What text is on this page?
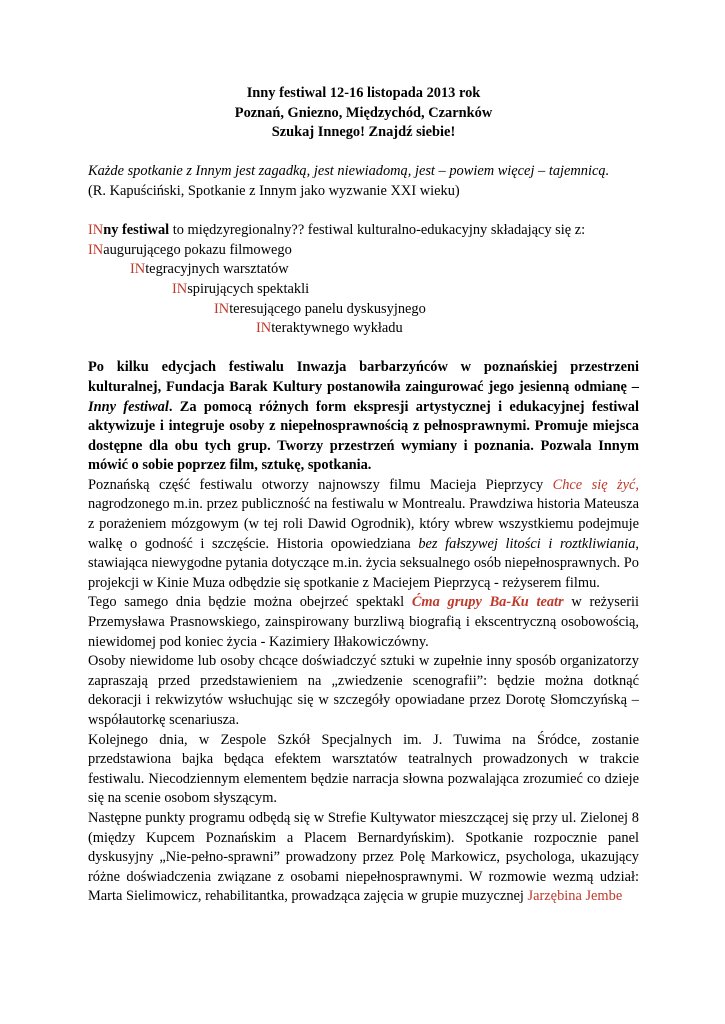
Inny festiwal 12-16 listopada 2013 rok

Poznań, Gniezno, Międzychód, Czarnków

Szukaj Innego! Znajdź siebie!

Każde spotkanie z Innym jest zagadką, jest niewiadomą, jest – powiem więcej – tajemnicą.

(R. Kapuściński, Spotkanie z Innym jako wyzwanie XXI wieku)

INny festiwal to międzyregionalny?? festiwal kulturalno-edukacyjny składający się z:

INaugurującego pokazu filmowego

INtegracyjnych warsztatów

INspirujących spektakli

INteresującego panelu dyskusyjnego

INteraktywnego wykładu

Po kilku edycjach festiwalu Inwazja barbarzyńców w poznańskiej przestrzeni kulturalnej, Fundacja Barak Kultury postanowiła zaingurować jego jesienną odmianę – Inny festiwal. Za pomocą różnych form ekspresji artystycznej i edukacyjnej festiwal aktywizuje i integruje osoby z niepełnosprawnością z pełnosprawnymi. Promuje miejsca dostępne dla obu tych grup. Tworzy przestrzeń wymiany i poznania. Pozwala Innym mówić o sobie poprzez film, sztukę, spotkania.

Poznańską część festiwalu otworzy najnowszy filmu Macieja Pieprzycy Chce się żyć, nagrodzonego m.in. przez publiczność na festiwalu w Montrealu. Prawdziwa historia Mateusza z porażeniem mózgowym (w tej roli Dawid Ogrodnik), który wbrew wszystkiemu podejmuje walkę o godność i szczęście. Historia opowiedziana bez fałszywej litości i roztkliwiania, stawiająca niewygodne pytania dotyczące m.in. życia seksualnego osób niepełnosprawnych. Po projekcji w Kinie Muza odbędzie się spotkanie z Maciejem Pieprzycą - reżyserem filmu.

Tego samego dnia będzie można obejrzeć spektakl Ćma grupy Ba-Ku teatr w reżyserii Przemysława Prasnowskiego, zainspirowany burzliwą biografią i ekscentryczną osobowością, niewidomej pod koniec życia - Kazimiery Iłłakowiczówny.

Osoby niewidome lub osoby chcące doświadczyć sztuki w zupełnie inny sposób organizatorzy zapraszają przed przedstawieniem na „zwiedzenie scenografii”: będzie można dotknąć dekoracji i rekwizytów wsłuchując się w szczegóły opowiadane przez Dorotę Słomczyńską – współautorkę scenariusza.

Kolejnego dnia, w Zespole Szkół Specjalnych im. J. Tuwima na Śródce, zostanie przedstawiona bajka będąca efektem warsztatów teatralnych prowadzonych w trakcie festiwalu. Niecodziennym elementem będzie narracja słowna pozwalająca zrozumieć co dzieje się na scenie osobom słyszącym.

Następne punkty programu odbędą się w Strefie Kultywator mieszczącej się przy ul. Zielonej 8 (między Kupcem Poznańskim a Placem Bernardyńskim). Spotkanie rozpocznie panel dyskusyjny „Nie-pełno-sprawni” prowadzony przez Polę Markowicz, psychologa, ukazujący różne doświadczenia związane z osobami niepełnosprawnymi. W rozmowie wezmą udział: Marta Sielimowicz, rehabilitantka, prowadząca zajęcia w grupie muzycznej Jarzębina Jembe
